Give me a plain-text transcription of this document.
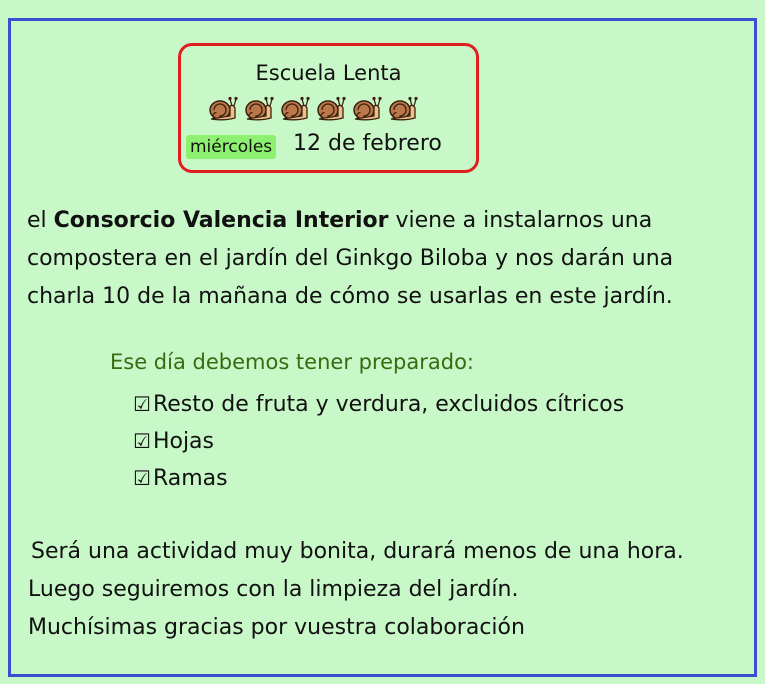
Escuela Lenta
miércoles 12 de febrero
el Consorcio Valencia Interior viene a instalarnos una compostera en el jardín del Ginkgo Biloba y nos darán una charla 10 de la mañana de cómo se usarlas en este jardín.
Ese día debemos tener preparado:
☑ Resto de fruta y verdura, excluidos cítricos
☑ Hojas
☑ Ramas
Será una actividad muy bonita, durará menos de una hora.
Luego seguiremos con la limpieza del jardín.
Muchísimas gracias por vuestra colaboración
